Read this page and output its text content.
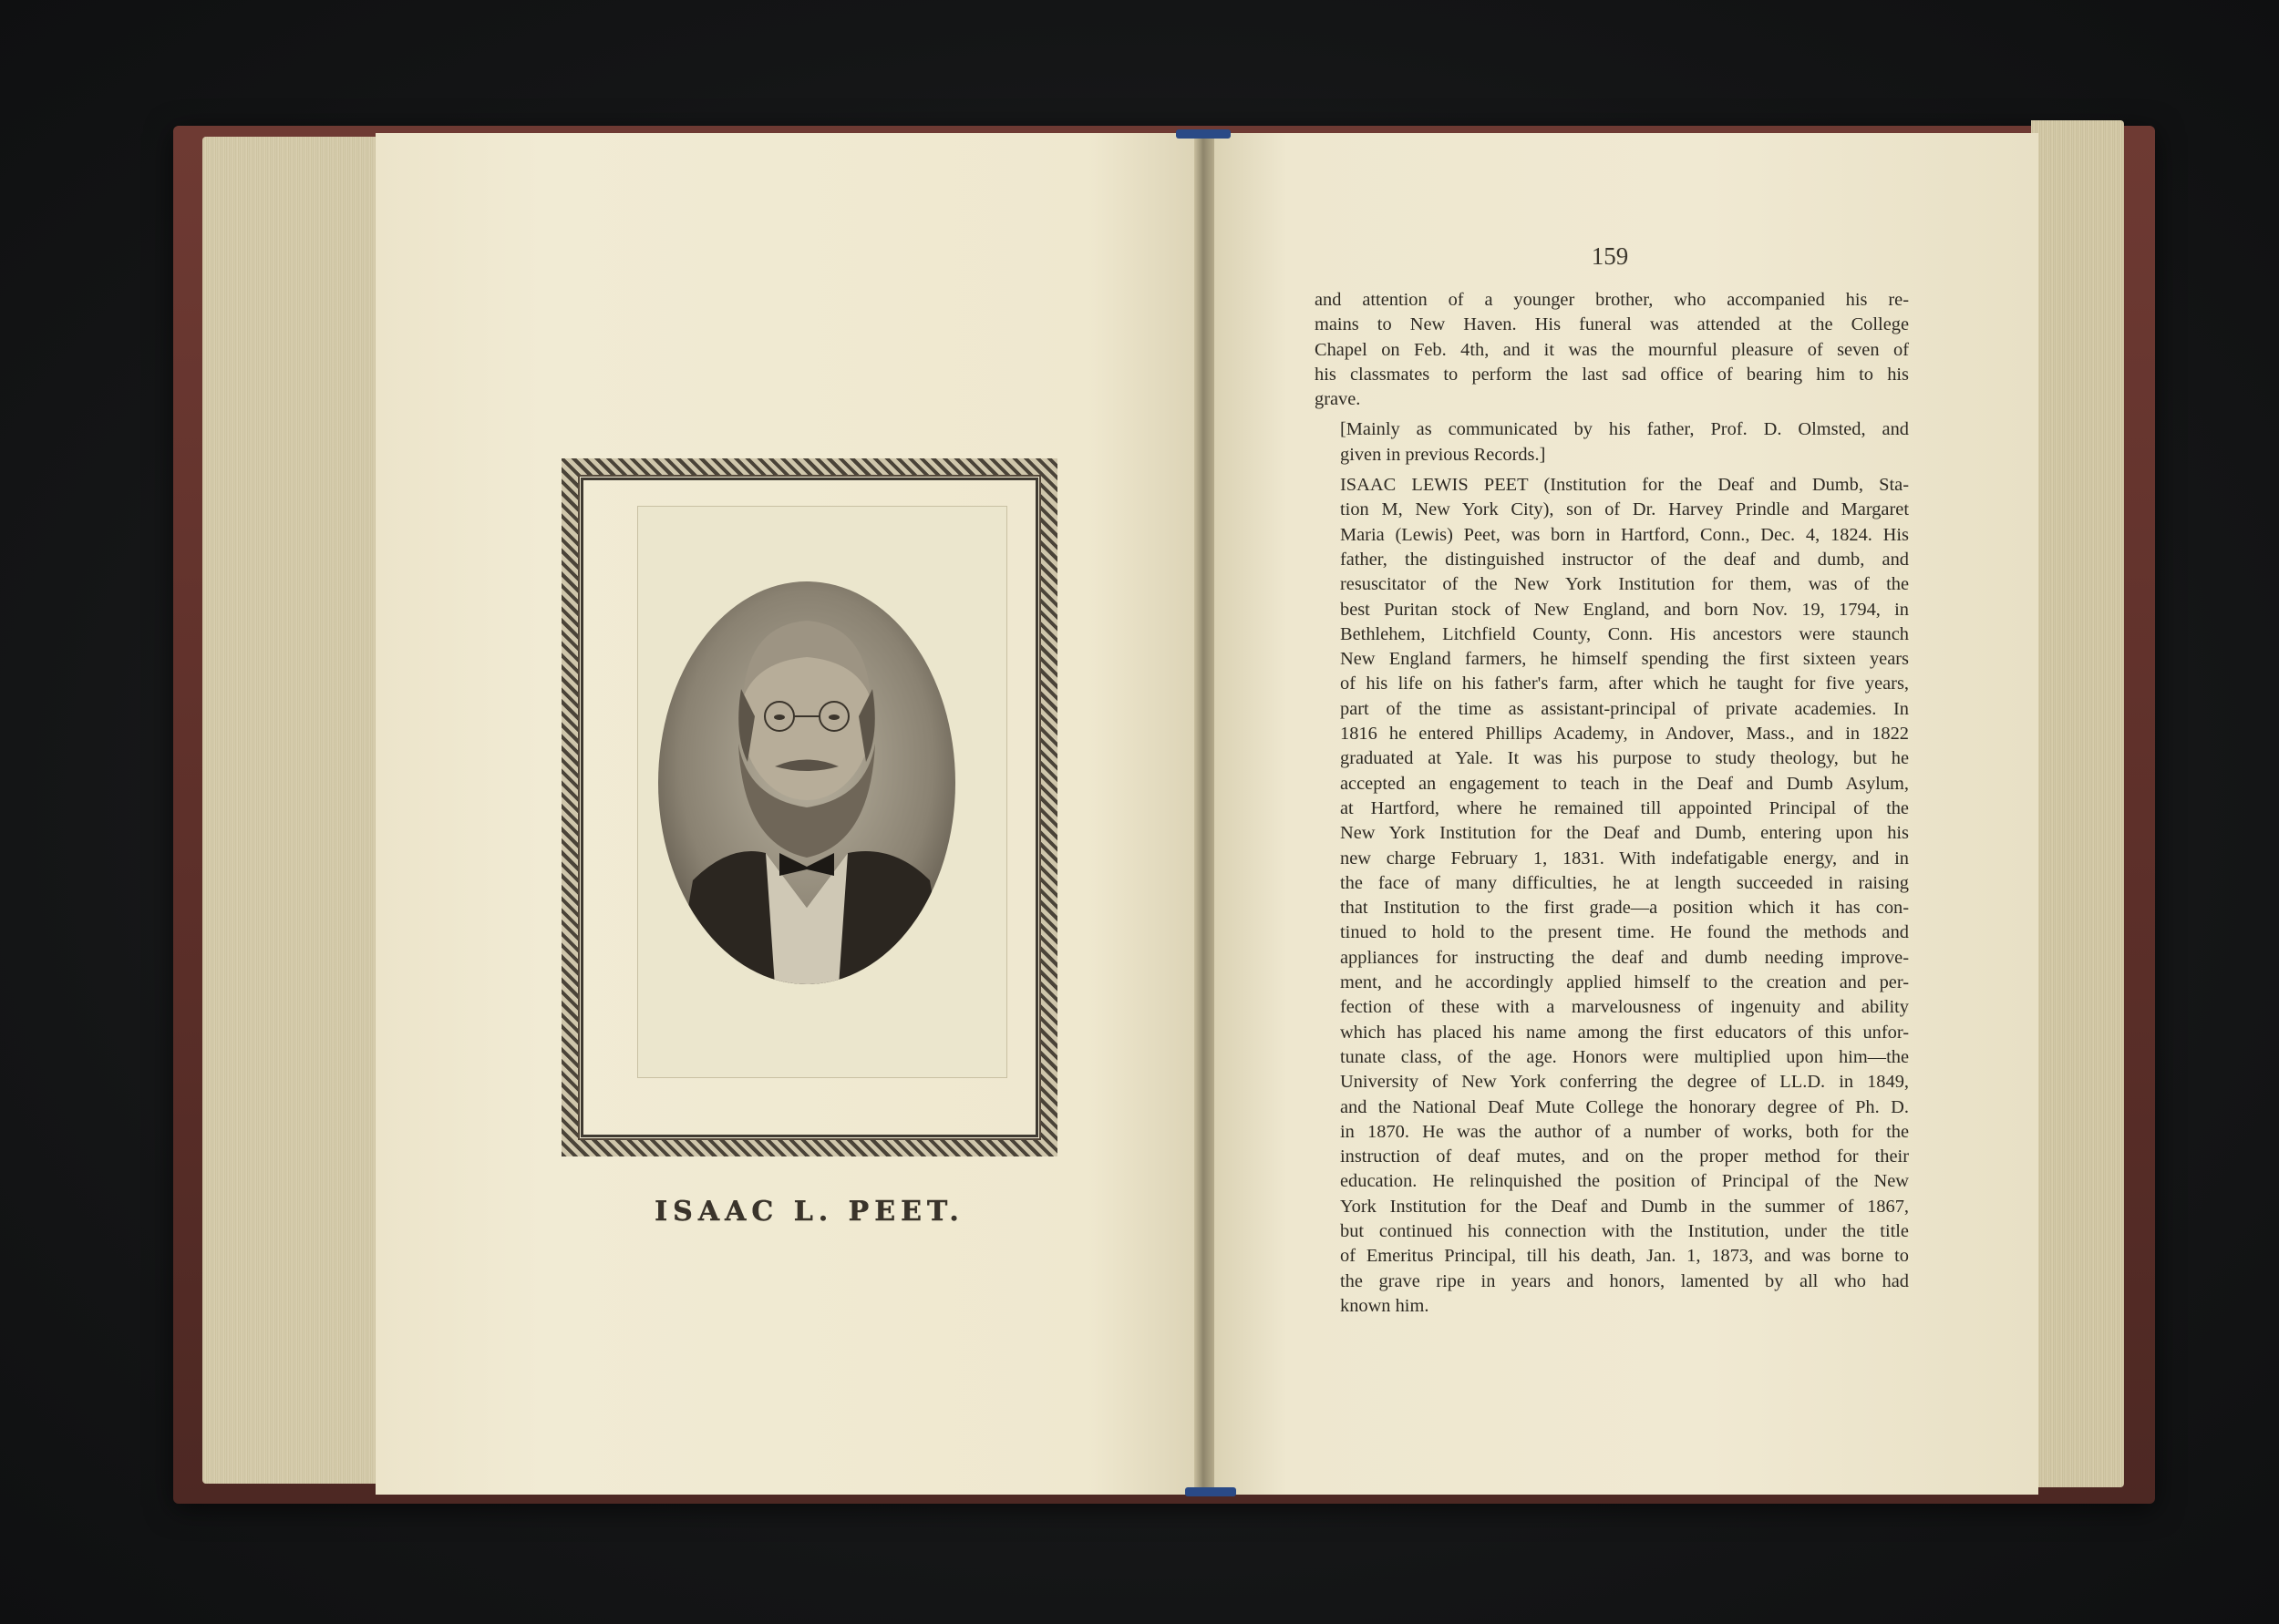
ISAAC L. PEET.
159

and attention of a younger brother, who accompanied his re-
mains to New Haven. His funeral was attended at the College
Chapel on Feb. 4th, and it was the mournful pleasure of seven of
his classmates to perform the last sad office of bearing him to his
grave.

[Mainly as communicated by his father, Prof. D. Olmsted, and
given in previous Records.]

ISAAC LEWIS PEET (Institution for the Deaf and Dumb, Sta-
tion M, New York City), son of Dr. Harvey Prindle and Margaret
Maria (Lewis) Peet, was born in Hartford, Conn., Dec. 4, 1824. His
father, the distinguished instructor of the deaf and dumb, and
resuscitator of the New York Institution for them, was of the
best Puritan stock of New England, and born Nov. 19, 1794, in
Bethlehem, Litchfield County, Conn. His ancestors were staunch
New England farmers, he himself spending the first sixteen years
of his life on his father's farm, after which he taught for five years,
part of the time as assistant-principal of private academies. In
1816 he entered Phillips Academy, in Andover, Mass., and in 1822
graduated at Yale. It was his purpose to study theology, but he
accepted an engagement to teach in the Deaf and Dumb Asylum,
at Hartford, where he remained till appointed Principal of the
New York Institution for the Deaf and Dumb, entering upon his
new charge February 1, 1831. With indefatigable energy, and in
the face of many difficulties, he at length succeeded in raising
that Institution to the first grade—a position which it has con-
tinued to hold to the present time. He found the methods and
appliances for instructing the deaf and dumb needing improve-
ment, and he accordingly applied himself to the creation and per-
fection of these with a marvelousness of ingenuity and ability
which has placed his name among the first educators of this unfor-
tunate class, of the age. Honors were multiplied upon him—the
University of New York conferring the degree of LL.D. in 1849,
and the National Deaf Mute College the honorary degree of Ph. D.
in 1870. He was the author of a number of works, both for the
instruction of deaf mutes, and on the proper method for their
education. He relinquished the position of Principal of the New
York Institution for the Deaf and Dumb in the summer of 1867,
but continued his connection with the Institution, under the title
of Emeritus Principal, till his death, Jan. 1, 1873, and was borne to
the grave ripe in years and honors, lamented by all who had
known him.
